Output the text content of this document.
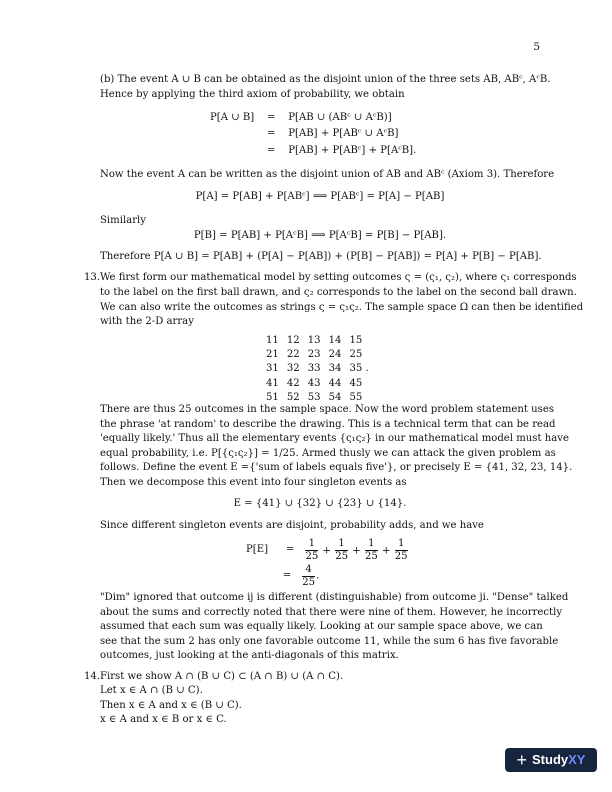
5
(b) The event A ∪ B can be obtained as the disjoint union of the three sets AB, ABᶜ, AᶜB.
Hence by applying the third axiom of probability, we obtain
P[A ∪ B]	=	P[AB ∪ (ABᶜ ∪ AᶜB)]
	=	P[AB] + P[ABᶜ ∪ AᶜB]
	=	P[AB] + P[ABᶜ] + P[AᶜB].
Now the event A can be written as the disjoint union of AB and ABᶜ (Axiom 3). Therefore
P[A] = P[AB] + P[ABᶜ] ⟹ P[ABᶜ] = P[A] − P[AB]
Similarly
P[B] = P[AB] + P[AᶜB] ⟹ P[AᶜB] = P[B] − P[AB].
Therefore P[A ∪ B] = P[AB] + (P[A] − P[AB]) + (P[B] − P[AB]) = P[A] + P[B] − P[AB].
13. We first form our mathematical model by setting outcomes ς = (ς₁, ς₂), where ς₁ corresponds
to the label on the first ball drawn, and ς₂ corresponds to the label on the second ball drawn.
We can also write the outcomes as strings ς = ς₁ς₂. The sample space Ω can then be identified
with the 2-D array
11	12	13	14	15
21	22	23	24	25
31	32	33	34	35 .
41	42	43	44	45
51	52	53	54	55
There are thus 25 outcomes in the sample space. Now the word problem statement uses
the phrase 'at random' to describe the drawing. This is a technical term that can be read
'equally likely.' Thus all the elementary events {ς₁ς₂} in our mathematical model must have
equal probability, i.e. P[{ς₁ς₂}] = 1/25. Armed thusly we can attack the given problem as
follows. Define the event E ={'sum of labels equals five'}, or precisely E = {41, 32, 23, 14}.
Then we decompose this event into four singleton events as
E = {41} ∪ {32} ∪ {23} ∪ {14}.
Since different singleton events are disjoint, probability adds, and we have
$P[E] = \frac{1}{25} + \frac{1}{25} + \frac{1}{25} + \frac{1}{25}$
= $\frac{4}{25}$ .
"Dim" ignored that outcome ij is different (distinguishable) from outcome ji. "Dense" talked
about the sums and correctly noted that there were nine of them. However, he incorrectly
assumed that each sum was equally likely. Looking at our sample space above, we can
see that the sum 2 has only one favorable outcome 11, while the sum 6 has five favorable
outcomes, just looking at the anti-diagonals of this matrix.
14. First we show A ∩ (B ∪ C) ⊂ (A ∩ B) ∪ (A ∩ C).
Let x ∈ A ∩ (B ∪ C).
Then x ∈ A and x ∈ (B ∪ C).
x ∈ A and x ∈ B or x ∈ C.
+ StudyXY
